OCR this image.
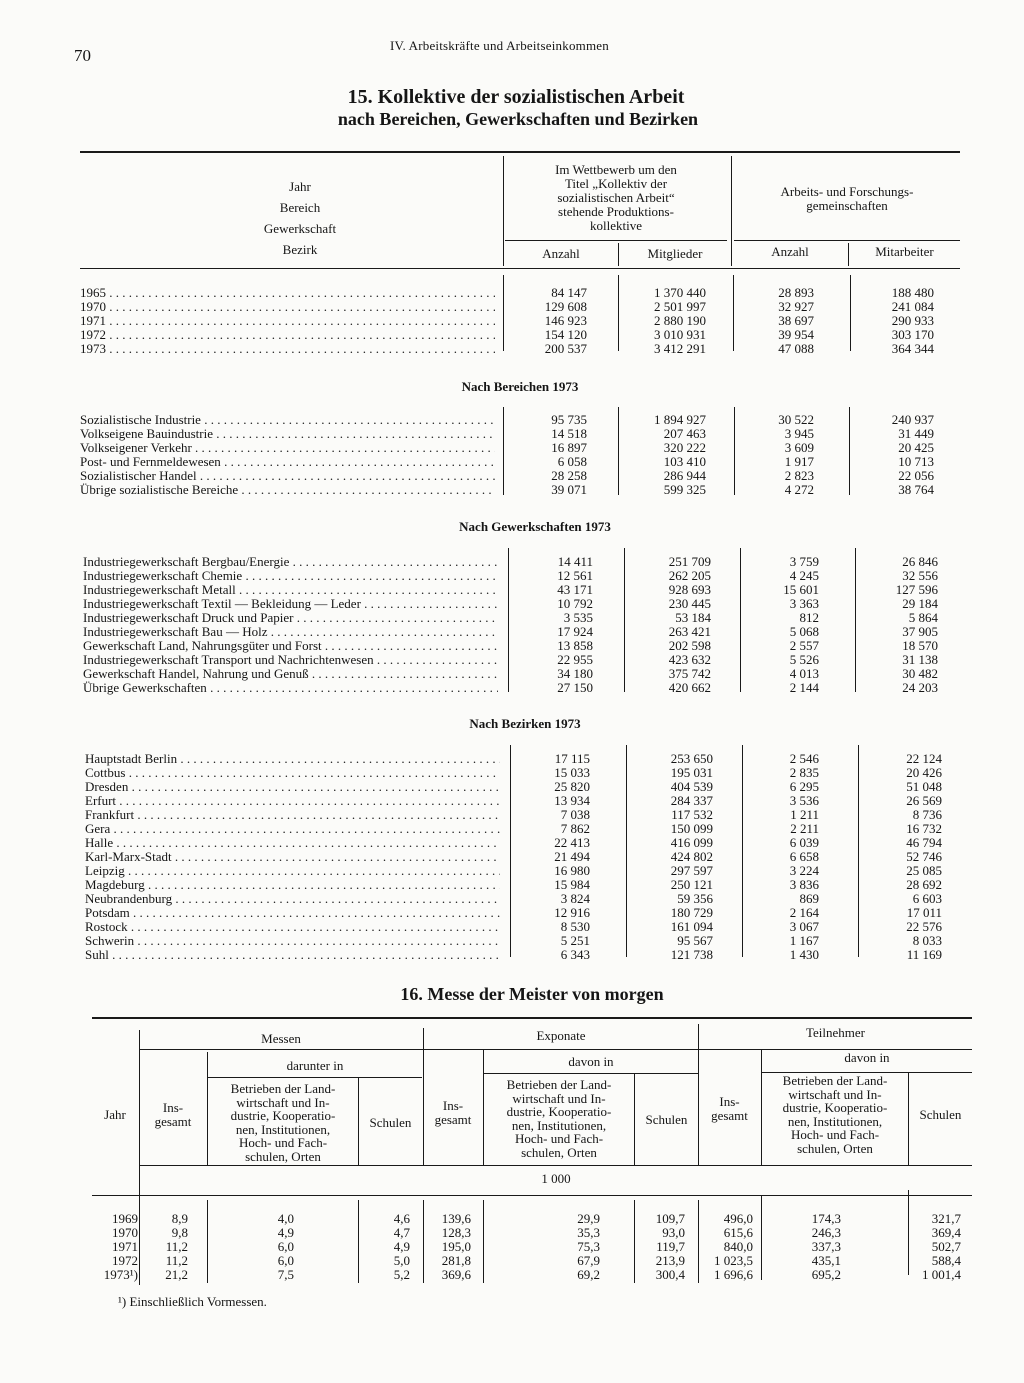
70
IV. Arbeitskräfte und Arbeitseinkommen
15. Kollektive der sozialistischen Arbeit
nach Bereichen, Gewerkschaften und Bezirken
Jahr
Bereich
Gewerkschaft
Bezirk
Im Wettbewerb um den
Titel „Kollektiv der
sozialistischen Arbeit“
stehende Produktions-
kollektive
Arbeits- und Forschungs-
gemeinschaften
Anzahl	Mitglieder	Anzahl	Mitarbeiter
1965 . . .	84 147	1 370 440	28 893	188 480
1970 . . .	129 608	2 501 997	32 927	241 084
1971 . . .	146 923	2 880 190	38 697	290 933
1972 . . .	154 120	3 010 931	39 954	303 170
1973 . . .	200 537	3 412 291	47 088	364 344
Nach Bereichen 1973
Sozialistische Industrie . . .	95 735	1 894 927	30 522	240 937
Volkseigene Bauindustrie . . .	14 518	207 463	3 945	31 449
Volkseigener Verkehr . . .	16 897	320 222	3 609	20 425
Post- und Fernmeldewesen . . .	6 058	103 410	1 917	10 713
Sozialistischer Handel . . .	28 258	286 944	2 823	22 056
Übrige sozialistische Bereiche . . .	39 071	599 325	4 272	38 764
Nach Gewerkschaften 1973
Industriegewerkschaft Bergbau/Energie . . .	14 411	251 709	3 759	26 846
Industriegewerkschaft Chemie . . .	12 561	262 205	4 245	32 556
Industriegewerkschaft Metall . . .	43 171	928 693	15 601	127 596
Industriegewerkschaft Textil — Bekleidung — Leder . . .	10 792	230 445	3 363	29 184
Industriegewerkschaft Druck und Papier . . .	3 535	53 184	812	5 864
Industriegewerkschaft Bau — Holz . . .	17 924	263 421	5 068	37 905
Gewerkschaft Land, Nahrungsgüter und Forst . . .	13 858	202 598	2 557	18 570
Industriegewerkschaft Transport und Nachrichtenwesen . . .	22 955	423 632	5 526	31 138
Gewerkschaft Handel, Nahrung und Genuß . . .	34 180	375 742	4 013	30 482
Übrige Gewerkschaften . . .	27 150	420 662	2 144	24 203
Nach Bezirken 1973
Hauptstadt Berlin . . .	17 115	253 650	2 546	22 124
Cottbus . . .	15 033	195 031	2 835	20 426
Dresden . . .	25 820	404 539	6 295	51 048
Erfurt . . .	13 934	284 337	3 536	26 569
Frankfurt . . .	7 038	117 532	1 211	8 736
Gera . . .	7 862	150 099	2 211	16 732
Halle . . .	22 413	416 099	6 039	46 794
Karl-Marx-Stadt . . .	21 494	424 802	6 658	52 746
Leipzig . . .	16 980	297 597	3 224	25 085
Magdeburg . . .	15 984	250 121	3 836	28 692
Neubrandenburg . . .	3 824	59 356	869	6 603
Potsdam . . .	12 916	180 729	2 164	17 011
Rostock . . .	8 530	161 094	3 067	22 576
Schwerin . . .	5 251	95 567	1 167	8 033
Suhl . . .	6 343	121 738	1 430	11 169
16. Messe der Meister von morgen
Jahr
Messen	Exponate	Teilnehmer
darunter in	davon in	davon in
Ins-
gesamt
Betrieben der Land-
wirtschaft und In-
dustrie, Kooperatio-
nen, Institutionen,
Hoch- und Fach-
schulen, Orten
Schulen
Ins-
gesamt
Betrieben der Land-
wirtschaft und In-
dustrie, Kooperatio-
nen, Institutionen,
Hoch- und Fach-
schulen, Orten
Schulen
Ins-
gesamt
Betrieben der Land-
wirtschaft und In-
dustrie, Kooperatio-
nen, Institutionen,
Hoch- und Fach-
schulen, Orten
Schulen
1 000
1969	8,9	4,0	4,6 139,6	29,9	109,7	496,0	174,3	321,7
1970	9,8	4,9	4,7 128,3	35,3	93,0	615,6	246,3	369,4
1971 11,2	6,0	4,9 195,0	75,3	119,7	840,0	337,3	502,7
1972 11,2	6,0	5,0 281,8	67,9	213,9 1 023,5	435,1	588,4
1973¹) 21,2	7,5	5,2 369,6	69,2	300,4 1 696,6	695,2	1 001,4
¹) Einschließlich Vormessen.
